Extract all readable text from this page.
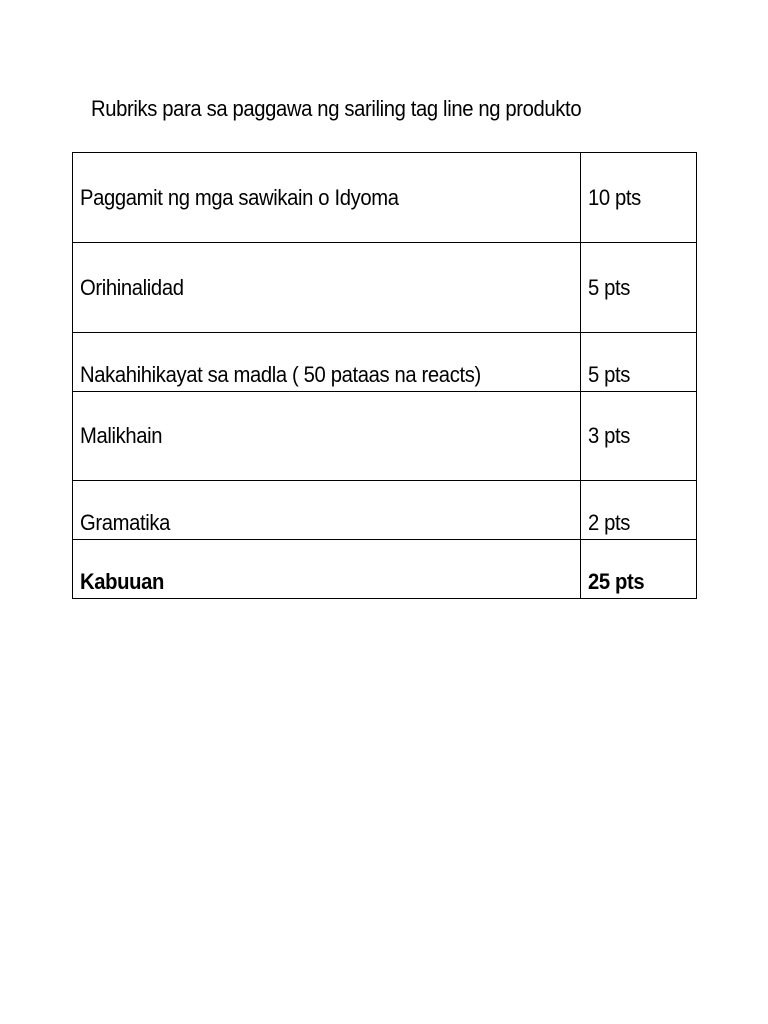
Rubriks para sa paggawa ng sariling tag line ng produkto
Paggamit ng mga sawikain o Idyoma	10 pts
Orihinalidad	5 pts
Nakahihikayat sa madla ( 50 pataas na reacts)	5 pts
Malikhain	3 pts
Gramatika	2 pts
Kabuuan	25 pts
